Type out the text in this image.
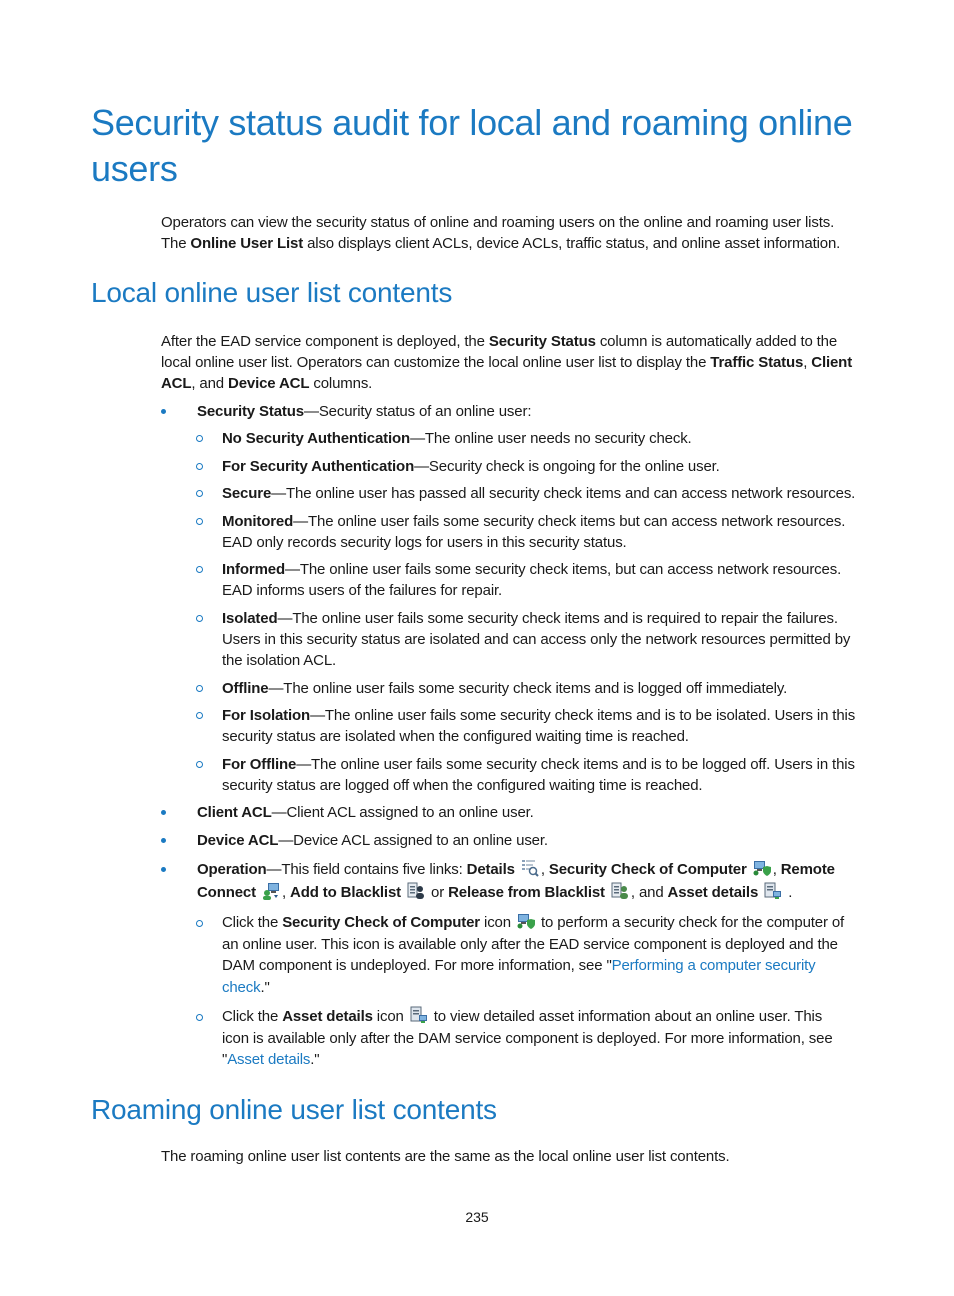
Security status audit for local and roaming online users

Operators can view the security status of online and roaming users on the online and roaming user lists.
The Online User List also displays client ACLs, device ACLs, traffic status, and online asset information.

Local online user list contents

After the EAD service component is deployed, the Security Status column is automatically added to the
local online user list. Operators can customize the local online user list to display the Traffic Status, Client
ACL, and Device ACL columns.

Security Status—Security status of an online user:
No Security Authentication—The online user needs no security check.
For Security Authentication—Security check is ongoing for the online user.
Secure—The online user has passed all security check items and can access network resources.
Monitored—The online user fails some security check items but can access network resources.
EAD only records security logs for users in this security status.
Informed—The online user fails some security check items, but can access network resources.
EAD informs users of the failures for repair.
Isolated—The online user fails some security check items and is required to repair the failures.
Users in this security status are isolated and can access only the network resources permitted by
the isolation ACL.
Offline—The online user fails some security check items and is logged off immediately.
For Isolation—The online user fails some security check items and is to be isolated. Users in this
security status are isolated when the configured waiting time is reached.
For Offline—The online user fails some security check items and is to be logged off. Users in this
security status are logged off when the configured waiting time is reached.
Client ACL—Client ACL assigned to an online user.
Device ACL—Device ACL assigned to an online user.
Operation—This field contains five links: Details , Security Check of Computer , Remote
Connect , Add to Blacklist  or Release from Blacklist , and Asset details  .
Click the Security Check of Computer icon  to perform a security check for the computer of
an online user. This icon is available only after the EAD service component is deployed and the
DAM component is undeployed. For more information, see "Performing a computer security
check."
Click the Asset details icon  to view detailed asset information about an online user. This
icon is available only after the DAM service component is deployed. For more information, see
"Asset details."
Roaming online user list contents

The roaming online user list contents are the same as the local online user list contents.

235
